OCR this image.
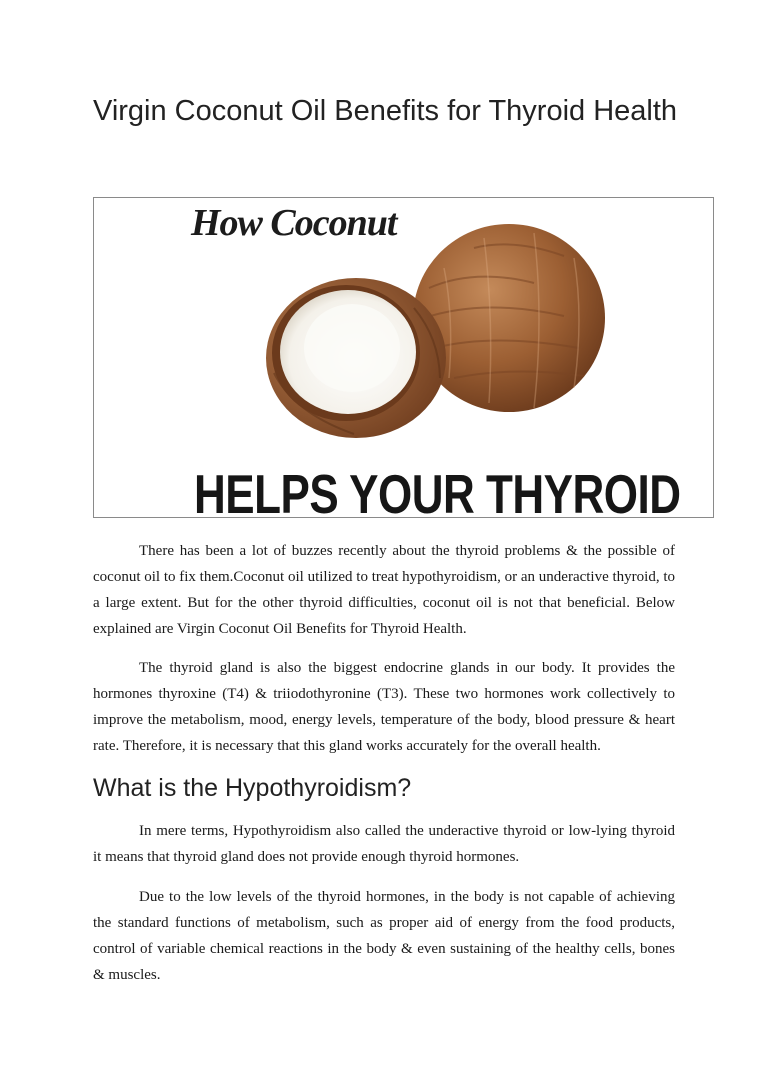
Virgin Coconut Oil Benefits for Thyroid Health
How Coconut
HELPS YOUR THYROID

There has been a lot of buzzes recently about the thyroid problems & the possible of coconut oil to fix them.Coconut oil utilized to treat hypothyroidism, or an underactive thyroid, to a large extent. But for the other thyroid difficulties, coconut oil is not that beneficial. Below explained are Virgin Coconut Oil Benefits for Thyroid Health.

The thyroid gland is also the biggest endocrine glands in our body. It provides the hormones thyroxine (T4) & triiodothyronine (T3). These two hormones work collectively to improve the metabolism, mood, energy levels, temperature of the body, blood pressure & heart rate. Therefore, it is necessary that this gland works accurately for the overall health.

What is the Hypothyroidism?

In mere terms, Hypothyroidism also called the underactive thyroid or low-lying thyroid it means that thyroid gland does not provide enough thyroid hormones.

Due to the low levels of the thyroid hormones, in the body is not capable of achieving the standard functions of metabolism, such as proper aid of energy from the food products, control of variable chemical reactions in the body & even sustaining of the healthy cells, bones & muscles.
